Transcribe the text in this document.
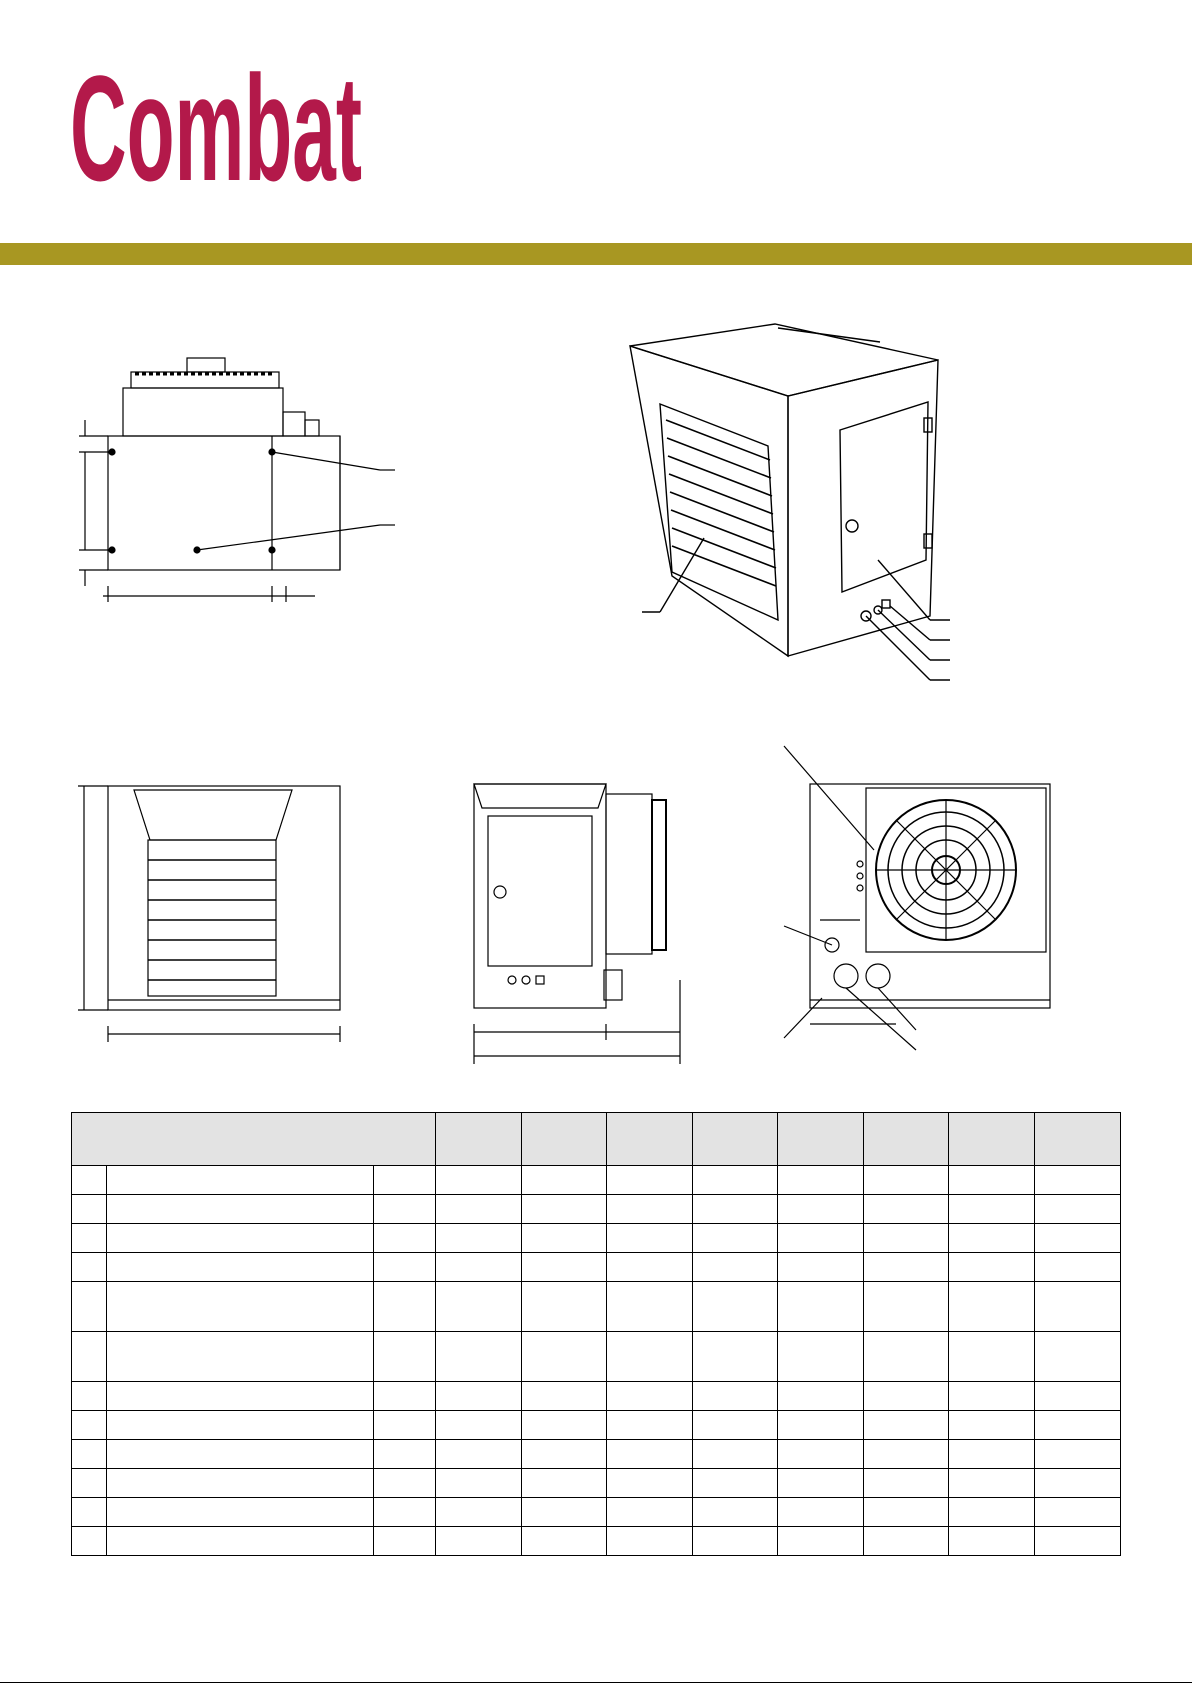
Combat
